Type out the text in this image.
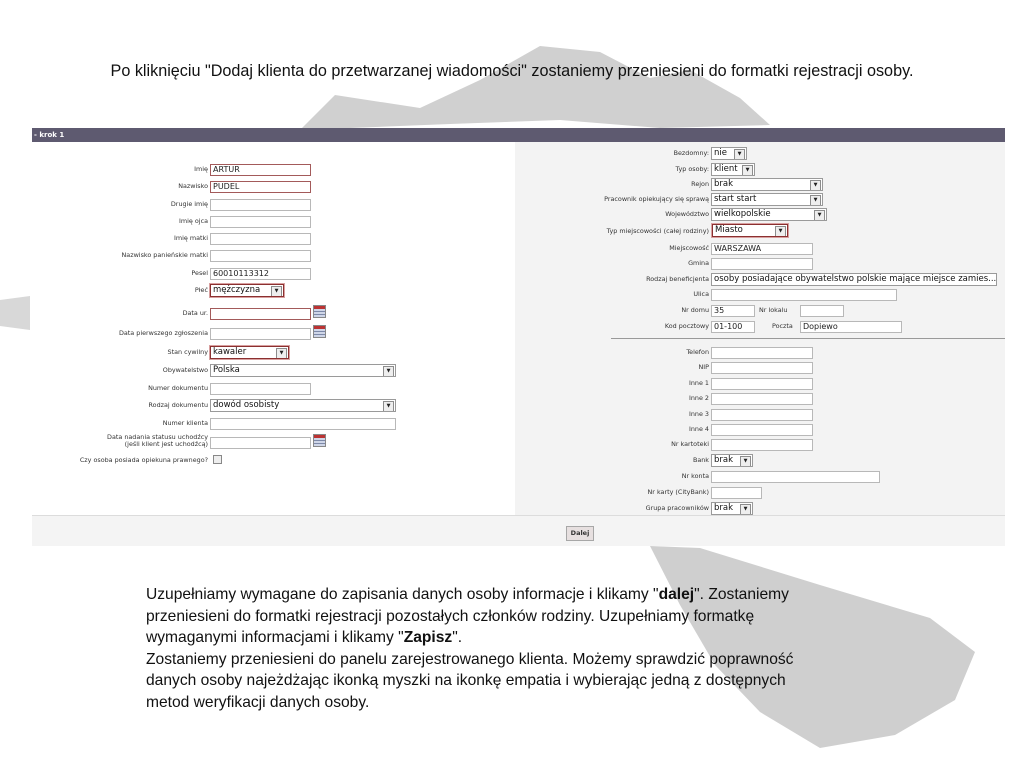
Po kliknięciu "Dodaj klienta do przetwarzanej wiadomości" zostaniemy przeniesieni do formatki rejestracji osoby.
- krok 1
Imię ARTUR
Nazwisko PUDEL
Drugie imię
Imię ojca
Imię matki
Nazwisko panieńskie matki
Pesel 60010113312
Płeć mężczyzna	▼
Data ur.
Data pierwszego zgłoszenia
Stan cywilny kawaler	▼
Obywatelstwo Polska	▼
Numer dokumentu
Rodzaj dokumentu dowód osobisty	▼
Numer klienta
Data nadania statusu uchodźcy
(jeśli klient jest uchodźcą)
Czy osoba posiada opiekuna prawnego?
Bezdomny: nie	▼
Typ osoby: klient	▼
Rejon brak	▼
Pracownik opiekujący się sprawą start start	▼
Województwo wielkopolskie	▼
Typ miejscowości (całej rodziny) Miasto	▼
Miejscowość WARSZAWA
Gmina
Rodzaj beneficjenta osoby posiadające obywatelstwo polskie mające miejsce zamies...
Ulica
Nr domu 35	Nr lokalu
Kod pocztowy 01-100	Poczta	Dopiewo
Telefon
NIP
Inne 1
Inne 2
Inne 3
Inne 4
Nr kartoteki
Bank brak	▼
Nr konta
Nr karty (CityBank)
Grupa pracowników brak	▼
Dalej

Uzupełniamy wymagane do zapisania danych osoby informacje i klikamy "dalej". Zostaniemy

przeniesieni do formatki rejestracji pozostałych członków rodziny. Uzupełniamy formatkę

wymaganymi informacjami i klikamy "Zapisz".

Zostaniemy przeniesieni do panelu zarejestrowanego klienta. Możemy sprawdzić poprawność

danych osoby najeżdżając ikonką myszki na ikonkę empatia i wybierając jedną z dostępnych

metod weryfikacji danych osoby.
